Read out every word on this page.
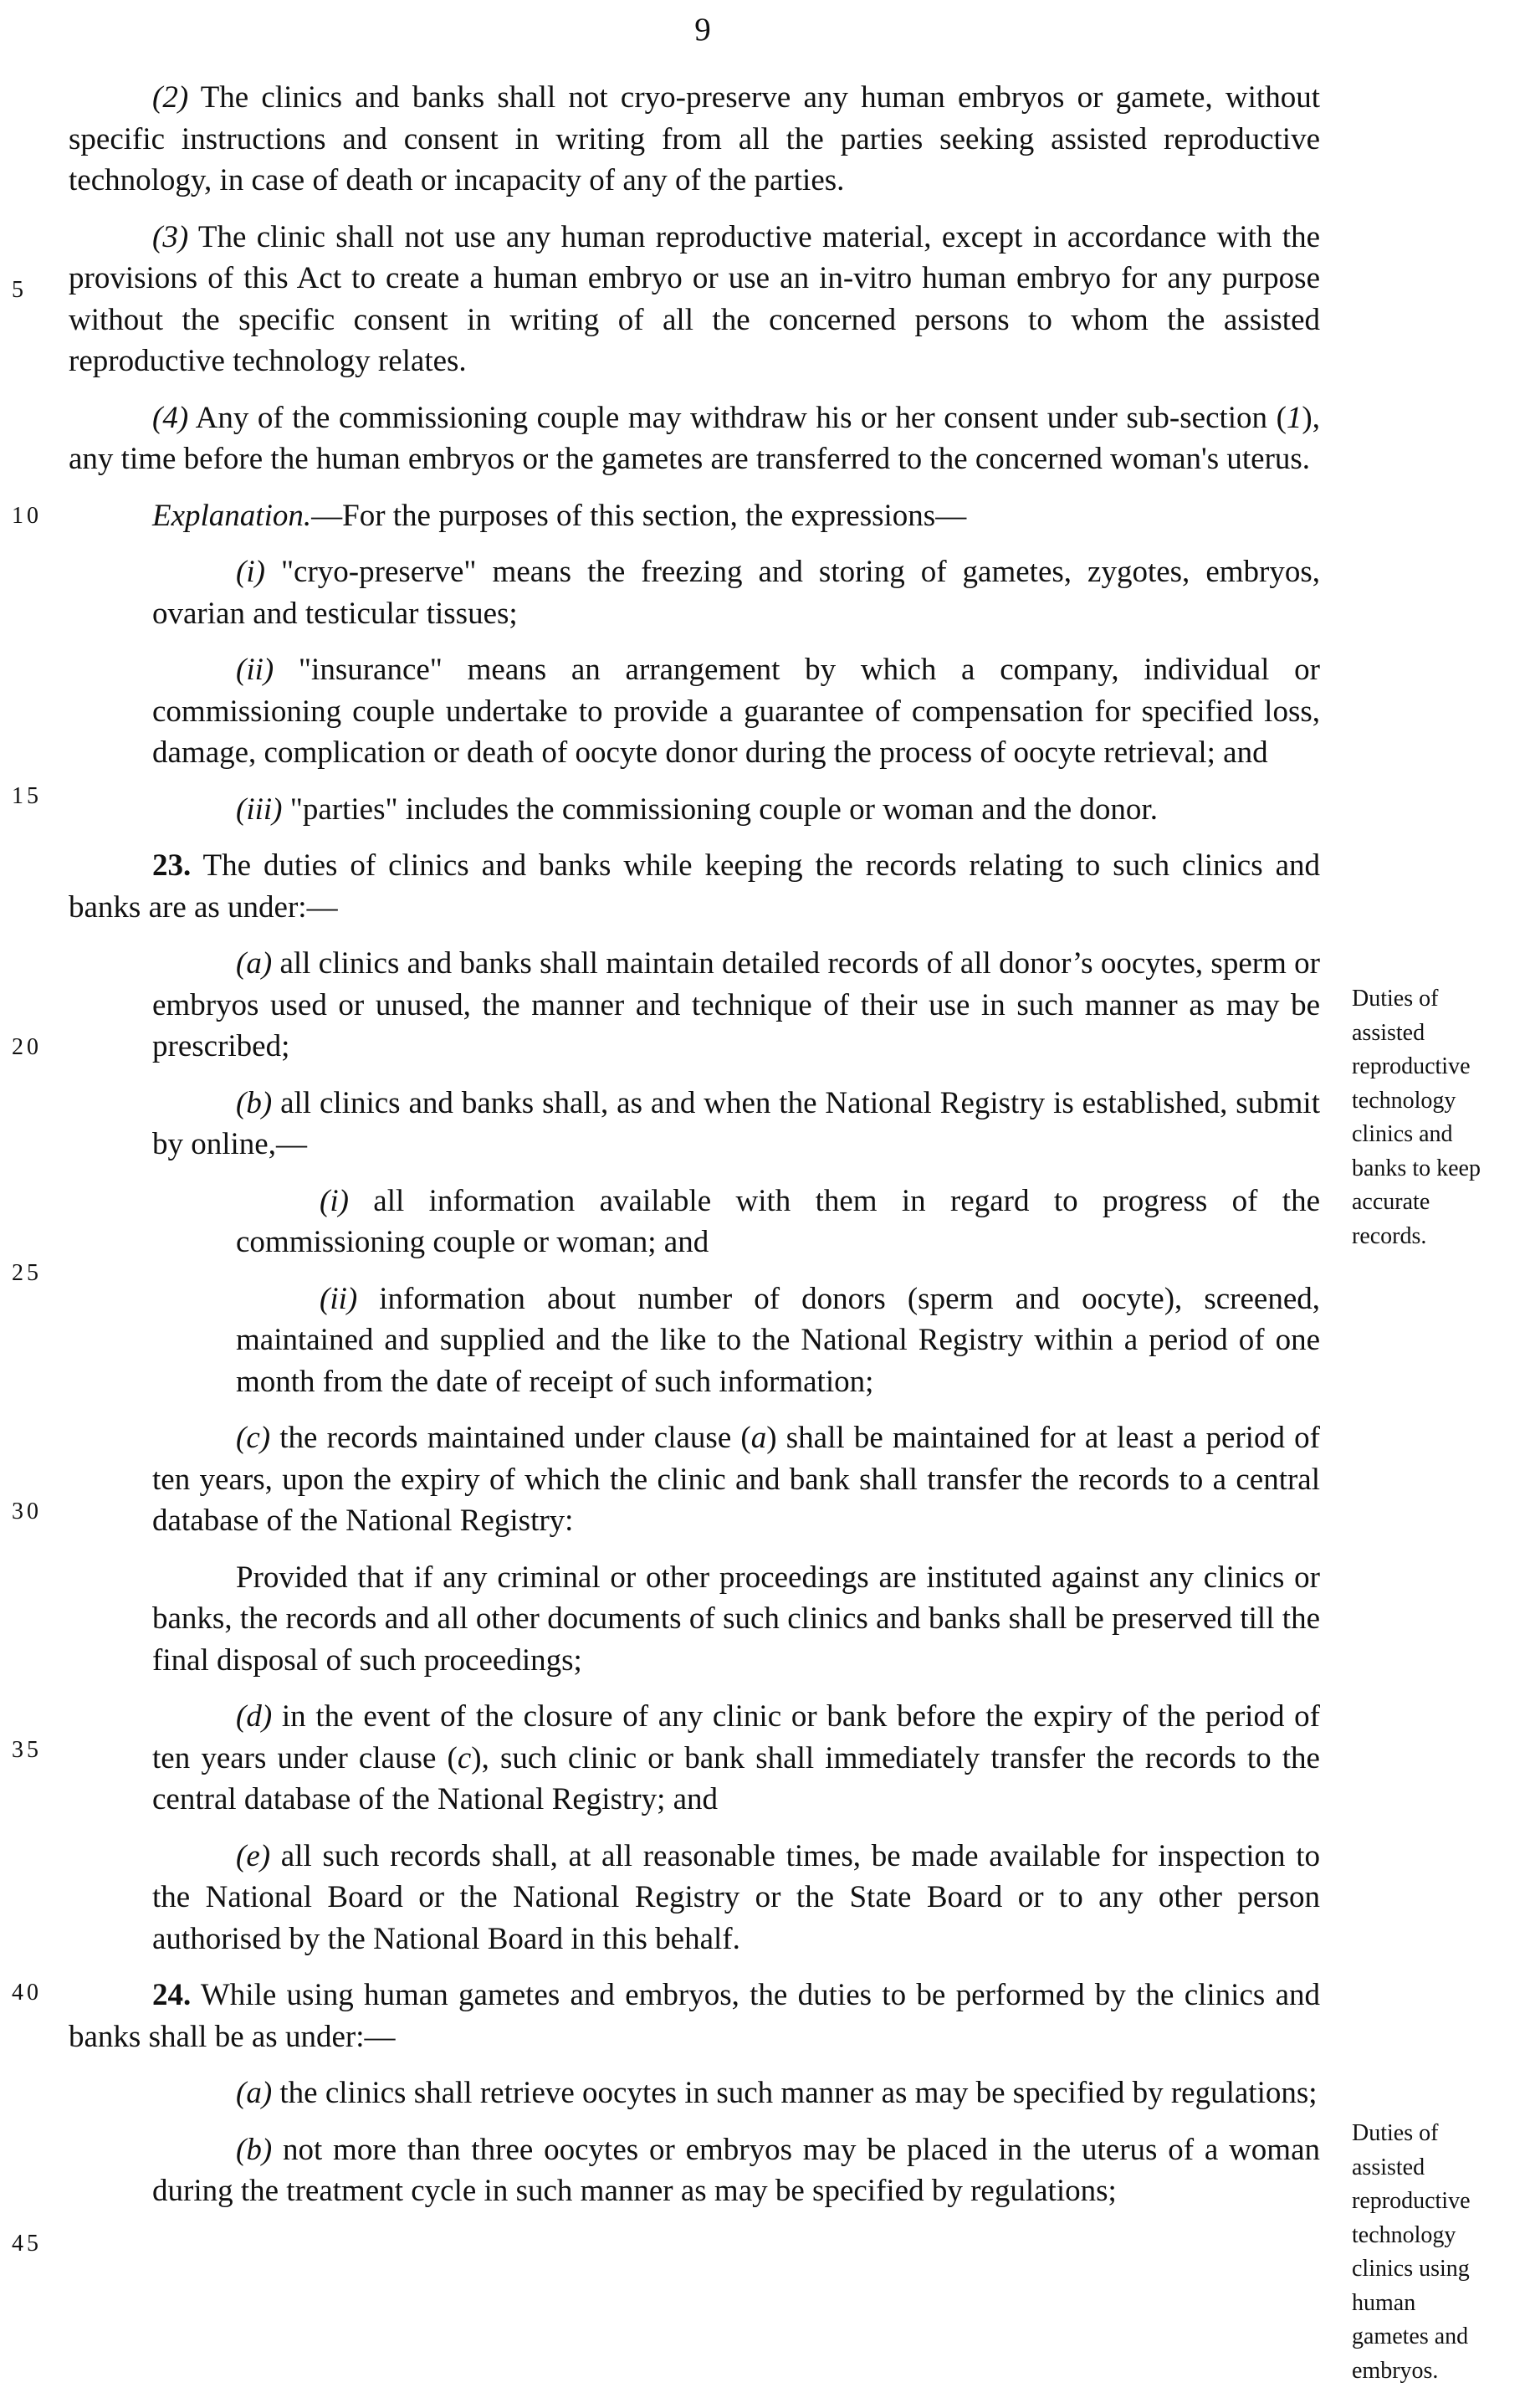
9
5
10
15
20
25
30
35
40
45
Duties of
assisted
reproductive
technology
clinics and
banks to keep
accurate
records.
Duties of
assisted
reproductive
technology
clinics using
human
gametes and
embryos.

(2) The clinics and banks shall not cryo-preserve any human embryos or gamete, without specific instructions and consent in writing from all the parties seeking assisted reproductive technology, in case of death or incapacity of any of the parties.

(3) The clinic shall not use any human reproductive material, except in accordance with the provisions of this Act to create a human embryo or use an in-vitro human embryo for any purpose without the specific consent in writing of all the concerned persons to whom the assisted reproductive technology relates.

(4) Any of the commissioning couple may withdraw his or her consent under sub-section (1), any time before the human embryos or the gametes are transferred to the concerned woman's uterus.

Explanation.—For the purposes of this section, the expressions—

(i) "cryo-preserve" means the freezing and storing of gametes, zygotes, embryos, ovarian and testicular tissues;

(ii) "insurance" means an arrangement by which a company, individual or commissioning couple undertake to provide a guarantee of compensation for specified loss, damage, complication or death of oocyte donor during the process of oocyte retrieval; and

(iii) "parties" includes the commissioning couple or woman and the donor.

23. The duties of clinics and banks while keeping the records relating to such clinics and banks are as under:—

(a) all clinics and banks shall maintain detailed records of all donor’s oocytes, sperm or embryos used or unused, the manner and technique of their use in such manner as may be prescribed;

(b) all clinics and banks shall, as and when the National Registry is established, submit by online,—

(i) all information available with them in regard to progress of the commissioning couple or woman; and

(ii) information about number of donors (sperm and oocyte), screened, maintained and supplied and the like to the National Registry within a period of one month from the date of receipt of such information;

(c) the records maintained under clause (a) shall be maintained for at least a period of ten years, upon the expiry of which the clinic and bank shall transfer the records to a central database of the National Registry:

Provided that if any criminal or other proceedings are instituted against any clinics or banks, the records and all other documents of such clinics and banks shall be preserved till the final disposal of such proceedings;

(d) in the event of the closure of any clinic or bank before the expiry of the period of ten years under clause (c), such clinic or bank shall immediately transfer the records to the central database of the National Registry; and

(e) all such records shall, at all reasonable times, be made available for inspection to the National Board or the National Registry or the State Board or to any other person authorised by the National Board in this behalf.

24. While using human gametes and embryos, the duties to be performed by the clinics and banks shall be as under:—

(a) the clinics shall retrieve oocytes in such manner as may be specified by regulations;

(b) not more than three oocytes or embryos may be placed in the uterus of a woman during the treatment cycle in such manner as may be specified by regulations;
